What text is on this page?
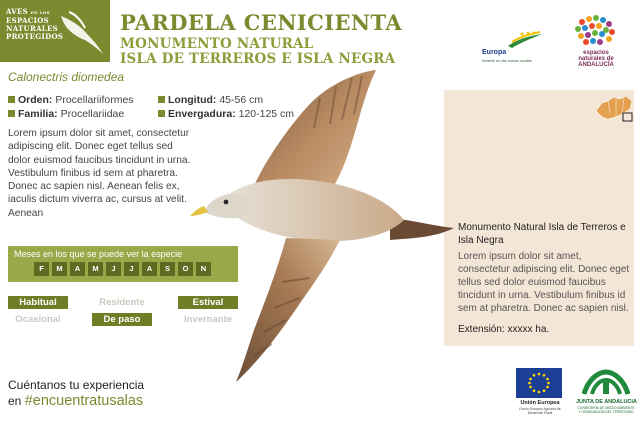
AVES EN LOS
ESPACIOS
NATURALES
PROTEGIDOS
PARDELA CENICIENTA
MONUMENTO NATURAL
ISLA DE TERREROS E ISLA NEGRA	Europa
invierte en las zonas rurales
espacios
naturales de
ANDALUCÍA
Calonectris diomedea
Orden: Procellariiformes
Familia: Procellariidae
Longitud: 45-56 cm
Envergadura: 120-125 cm
Lorem ipsum dolor sit amet, consectetur adipiscing elit. Donec eget tellus sed dolor euismod faucibus tincidunt in urna. Vestibulum finibus id sem at pharetra. Donec ac sapien nisl. Aenean felis ex, iaculis dictum viverra ac, cursus at velit. Aenean
Monumento Natural Isla de Terreros e Isla Negra
Lorem ipsum dolor sit amet, consectetur adipiscing elit. Donec eget tellus sed dolor euismod faucibus tincidunt in urna. Vestibulum finibus id sem at pharetra. Donec ac sapien nisl.
Extensión: xxxxx ha.
Meses en los que se puede ver la especie
F	M	A	M	J	J	A	S	O	N
Habitual	Residente	Estival
Ocasional	De paso	Invernante
Cuéntanos tu experiencia
en #encuentratusalas	Unión Europea
Fondo Europeo Agrícola de Desarrollo Rural
JUNTA DE ANDALUCIA
CONSEJERÍA DE MEDIO AMBIENTE Y ORDENACIÓN DEL TERRITORIO
